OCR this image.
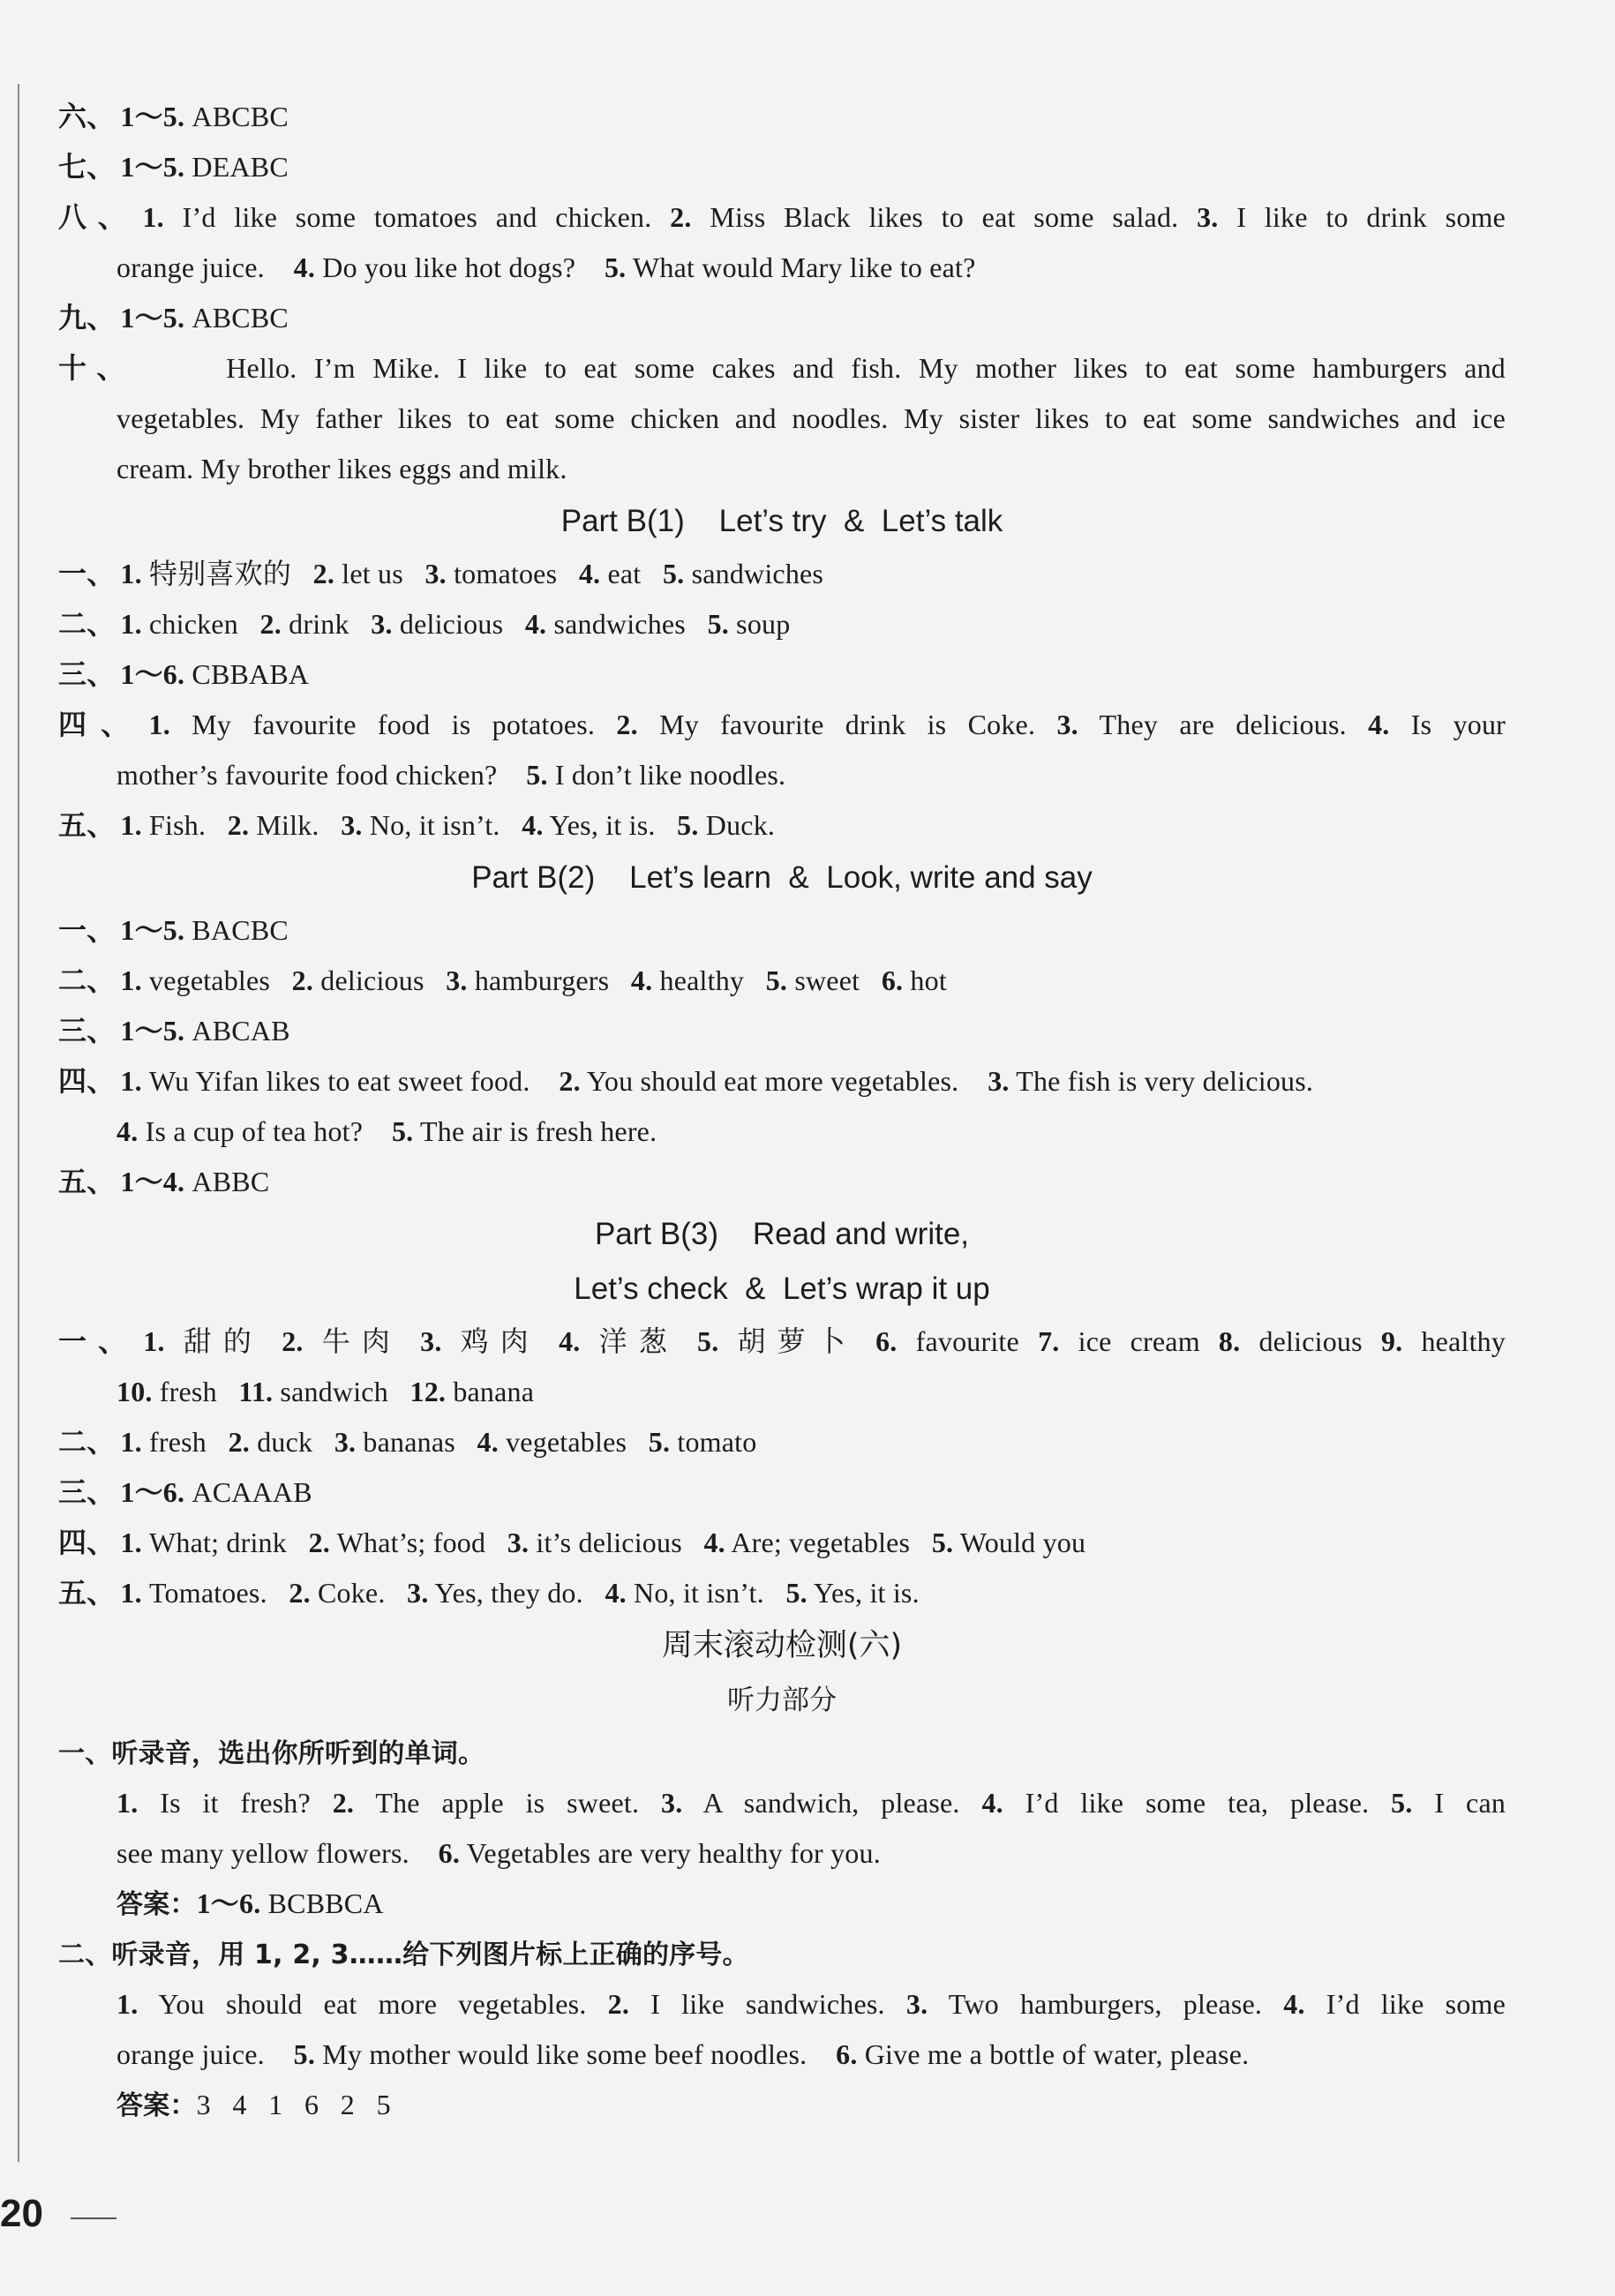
六、 1～5. ABCBC
七、 1～5. DEABC
八、 1. I’d like some tomatoes and chicken. 2. Miss Black likes to eat some salad. 3. I like to drink some
orange juice. 4. Do you like hot dogs? 5. What would Mary like to eat?
九、 1～5. ABCBC
十、	Hello. I’m Mike. I like to eat some cakes and fish. My mother likes to eat some hamburgers and
vegetables. My father likes to eat some chicken and noodles. My sister likes to eat some sandwiches and ice
cream. My brother likes eggs and milk.
Part B(1)    Let’s try  &  Let’s talk
一、 1. 特别喜欢的 2. let us 3. tomatoes 4. eat 5. sandwiches
二、 1. chicken 2. drink 3. delicious 4. sandwiches 5. soup
三、 1～6. CBBABA
四、 1. My favourite food is potatoes. 2. My favourite drink is Coke. 3. They are delicious. 4. Is your
mother’s favourite food chicken? 5. I don’t like noodles.
五、 1. Fish. 2. Milk. 3. No, it isn’t. 4. Yes, it is. 5. Duck.
Part B(2)    Let’s learn  &  Look, write and say
一、 1～5. BACBC
二、 1. vegetables 2. delicious 3. hamburgers 4. healthy 5. sweet 6. hot
三、 1～5. ABCAB
四、 1. Wu Yifan likes to eat sweet food. 2. You should eat more vegetables. 3. The fish is very delicious.
4. Is a cup of tea hot? 5. The air is fresh here.
五、 1～4. ABBC
Part B(3)    Read and write,
Let’s check  &  Let’s wrap it up
一、 1. 甜的 2. 牛肉 3. 鸡肉 4. 洋葱 5. 胡萝卜 6. favourite 7. ice cream 8. delicious 9. healthy
10. fresh 11. sandwich 12. banana
二、 1. fresh 2. duck 3. bananas 4. vegetables 5. tomato
三、 1～6. ACAAAB
四、 1. What; drink 2. What’s; food 3. it’s delicious 4. Are; vegetables 5. Would you
五、 1. Tomatoes. 2. Coke. 3. Yes, they do. 4. No, it isn’t. 5. Yes, it is.
周末滚动检测(六)
听力部分
一、听录音，选出你所听到的单词。
1. Is it fresh? 2. The apple is sweet. 3. A sandwich, please. 4. I’d like some tea, please. 5. I can
see many yellow flowers. 6. Vegetables are very healthy for you.
答案：1～6. BCBBCA
二、听录音，用 1, 2, 3……给下列图片标上正确的序号。
1. You should eat more vegetables. 2. I like sandwiches. 3. Two hamburgers, please. 4. I’d like some
orange juice. 5. My mother would like some beef noodles. 6. Give me a bottle of water, please.
答案：3   4   1   6   2   5
20
